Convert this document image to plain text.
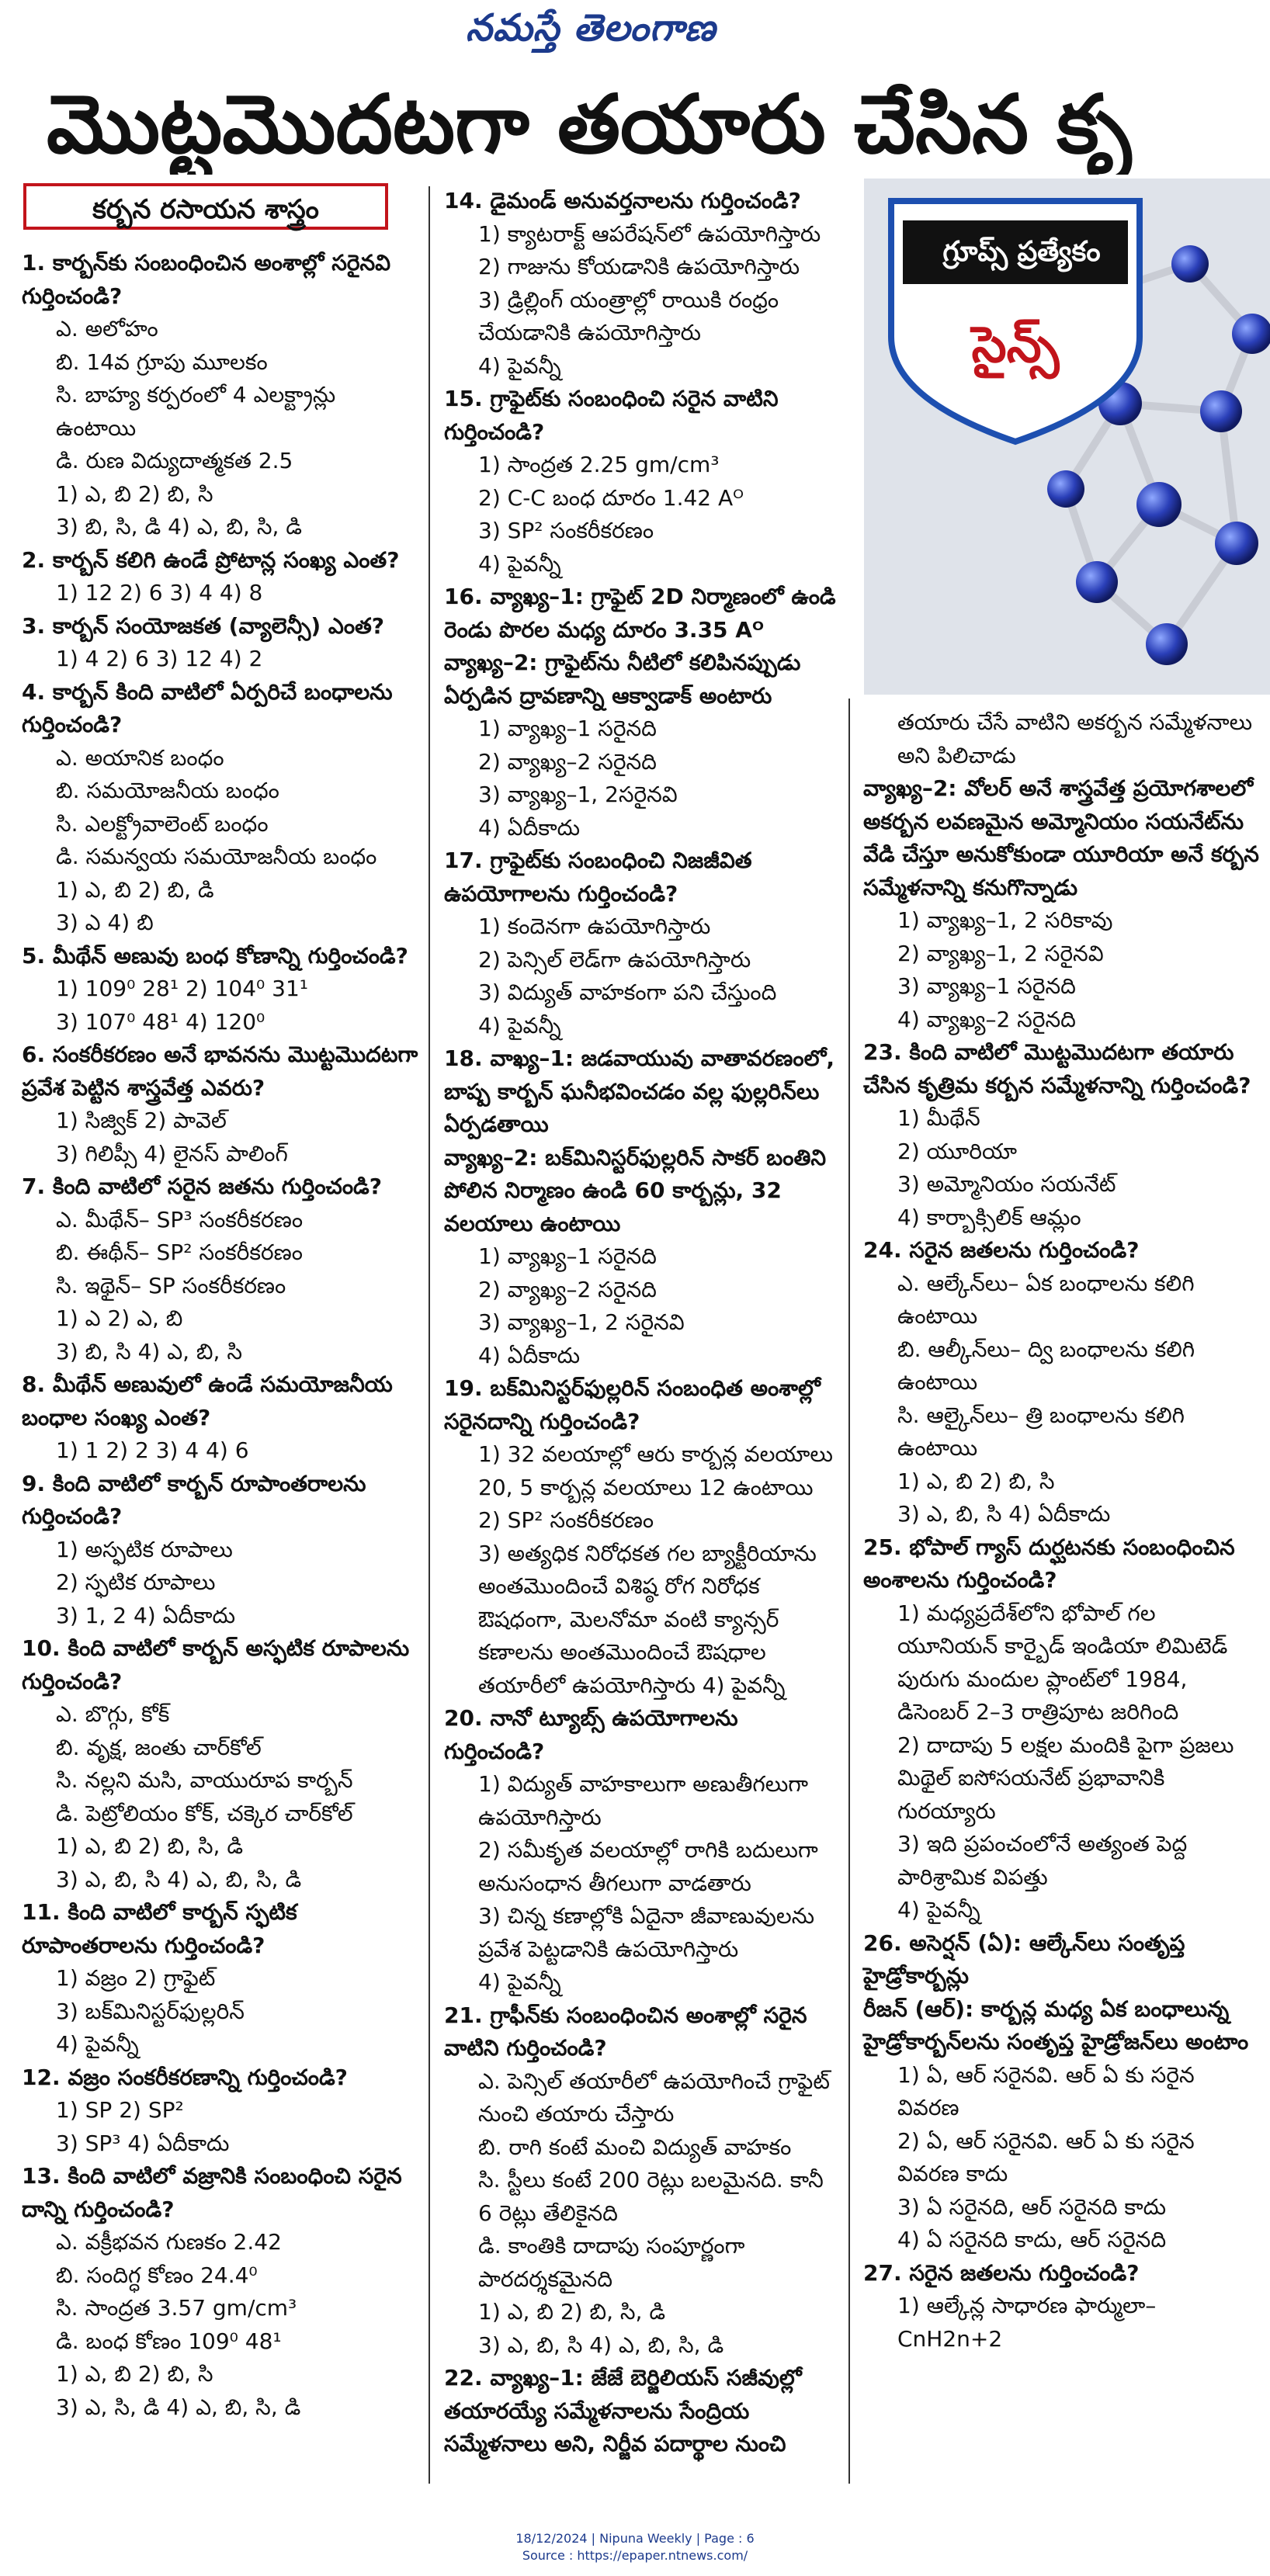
నమస్తే తెలంగాణ
మొట్టమొదటగా తయారు చేసిన కృ
కర్బన రసాయన శాస్త్రం

1. కార్బన్‌కు సంబంధించిన అంశాల్లో సరైనవి గుర్తించండి?

ఎ. అలోహం

బి. 14వ గ్రూపు మూలకం

సి. బాహ్య కర్పరంలో 4 ఎలక్ట్రాన్లు ఉంటాయి

డి. రుణ విద్యుదాత్మకత 2.5

1) ఎ, బి 2) బి, సి

3) బి, సి, డి 4) ఎ, బి, సి, డి

2. కార్బన్ కలిగి ఉండే ప్రోటాన్ల సంఖ్య ఎంత?

1) 12 2) 6 3) 4 4) 8

3. కార్బన్ సంయోజకత (వ్యాలెన్సీ) ఎంత?

1) 4 2) 6 3) 12 4) 2

4. కార్బన్ కింది వాటిలో ఏర్పరిచే బంధాలను గుర్తించండి?

ఎ. అయానిక బంధం

బి. సమయోజనీయ బంధం

సి. ఎలక్ట్రోవాలెంట్ బంధం

డి. సమన్వయ సమయోజనీయ బంధం

1) ఎ, బి 2) బి, డి

3) ఎ 4) బి

5. మీథేన్ అణువు బంధ కోణాన్ని గుర్తించండి?

1) 109⁰ 28¹ 2) 104⁰ 31¹

3) 107⁰ 48¹ 4) 120⁰

6. సంకరీకరణం అనే భావనను మొట్టమొదటగా ప్రవేశ పెట్టిన శాస్త్రవేత్త ఎవరు?

1) సిజ్విక్ 2) పావెల్

3) గిలిప్సీ 4) లైనస్ పాలింగ్

7. కింది వాటిలో సరైన జతను గుర్తించండి?

ఎ. మీథేన్– SP³ సంకరీకరణం

బి. ఈథీన్– SP² సంకరీకరణం

సి. ఇథైన్– SP సంకరీకరణం

1) ఎ 2) ఎ, బి

3) బి, సి 4) ఎ, బి, సి

8. మీథేన్ అణువులో ఉండే సమయోజనీయ బంధాల సంఖ్య ఎంత?

1) 1 2) 2 3) 4 4) 6

9. కింది వాటిలో కార్బన్ రూపాంతరాలను గుర్తించండి?

1) అస్ఫటిక రూపాలు

2) స్ఫటిక రూపాలు

3) 1, 2 4) ఏదీకాదు

10. కింది వాటిలో కార్బన్ అస్ఫటిక రూపాలను గుర్తించండి?

ఎ. బొగ్గు, కోక్

బి. వృక్ష, జంతు చార్‌కోల్

సి. నల్లని మసి, వాయురూప కార్బన్

డి. పెట్రోలియం కోక్, చక్కెర చార్‌కోల్

1) ఎ, బి 2) బి, సి, డి

3) ఎ, బి, సి 4) ఎ, బి, సి, డి

11. కింది వాటిలో కార్బన్ స్ఫటిక రూపాంతరాలను గుర్తించండి?

1) వజ్రం 2) గ్రాఫైట్

3) బక్‌మినిస్టర్‌ఫుల్లరిన్

4) పైవన్నీ

12. వజ్రం సంకరీకరణాన్ని గుర్తించండి?

1) SP 2) SP²

3) SP³ 4) ఏదీకాదు

13. కింది వాటిలో వజ్రానికి సంబంధించి సరైన దాన్ని గుర్తించండి?

ఎ. వక్రీభవన గుణకం 2.42

బి. సందిగ్ధ కోణం 24.4⁰

సి. సాంద్రత 3.57 gm/cm³

డి. బంధ కోణం 109⁰ 48¹

1) ఎ, బి 2) బి, సి

3) ఎ, సి, డి 4) ఎ, బి, సి, డి

14. డైమండ్ అనువర్తనాలను గుర్తించండి?

1) క్యాటరాక్ట్ ఆపరేషన్‌లో ఉపయోగిస్తారు

2) గాజును కోయడానికి ఉపయోగిస్తారు

3) డ్రిల్లింగ్ యంత్రాల్లో రాయికి రంధ్రం చేయడానికి ఉపయోగిస్తారు

4) పైవన్నీ

15. గ్రాఫైట్‌కు సంబంధించి సరైన వాటిని గుర్తించండి?

1) సాంద్రత 2.25 gm/cm³

2) C-C బంధ దూరం 1.42 Aᴼ

3) SP² సంకరీకరణం

4) పైవన్నీ

16. వ్యాఖ్య–1: గ్రాఫైట్ 2D నిర్మాణంలో ఉండి రెండు పొరల మధ్య దూరం 3.35 Aᴼ

వ్యాఖ్య–2: గ్రాఫైట్‌ను నీటిలో కలిపినప్పుడు ఏర్పడిన ద్రావణాన్ని ఆక్వాడాక్ అంటారు

1) వ్యాఖ్య–1 సరైనది

2) వ్యాఖ్య–2 సరైనది

3) వ్యాఖ్య–1, 2సరైనవి

4) ఏదీకాదు

17. గ్రాఫైట్‌కు సంబంధించి నిజజీవిత ఉపయోగాలను గుర్తించండి?

1) కందెనగా ఉపయోగిస్తారు

2) పెన్సిల్ లెడ్‌గా ఉపయోగిస్తారు

3) విద్యుత్ వాహకంగా పని చేస్తుంది

4) పైవన్నీ

18. వాఖ్య–1: జడవాయువు వాతావరణంలో, బాష్ప కార్బన్ ఘనీభవించడం వల్ల ఫుల్లరిన్‌లు ఏర్పడతాయి

వ్యాఖ్య–2: బక్‌మినిస్టర్‌ఫుల్లరిన్ సాకర్ బంతిని పోలిన నిర్మాణం ఉండి 60 కార్బన్లు, 32 వలయాలు ఉంటాయి

1) వ్యాఖ్య–1 సరైనది

2) వ్యాఖ్య–2 సరైనది

3) వ్యాఖ్య–1, 2 సరైనవి

4) ఏదీకాదు

19. బక్‌మినిస్టర్‌ఫుల్లరిన్ సంబంధిత అంశాల్లో సరైనదాన్ని గుర్తించండి?

1) 32 వలయాల్లో ఆరు కార్బన్ల వలయాలు 20, 5 కార్బన్ల వలయాలు 12 ఉంటాయి

2) SP² సంకరీకరణం

3) అత్యధిక నిరోధకత గల బ్యాక్టీరియాను అంతమొందించే విశిష్ఠ రోగ నిరోధక ఔషధంగా, మెలనోమా వంటి క్యాన్సర్ కణాలను అంతమొందించే ఔషధాల తయారీలో ఉపయోగిస్తారు 4) పైవన్నీ

20. నానో ట్యూబ్స్ ఉపయోగాలను గుర్తించండి?

1) విద్యుత్ వాహకాలుగా అణుతీగలుగా ఉపయోగిస్తారు

2) సమీకృత వలయాల్లో రాగికి బదులుగా అనుసంధాన తీగలుగా వాడతారు

3) చిన్న కణాల్లోకి ఏదైనా జీవాణువులను ప్రవేశ పెట్టడానికి ఉపయోగిస్తారు

4) పైవన్నీ

21. గ్రాఫీన్‌కు సంబంధించిన అంశాల్లో సరైన వాటిని గుర్తించండి?

ఎ. పెన్సిల్ తయారీలో ఉపయోగించే గ్రాఫైట్ నుంచి తయారు చేస్తారు

బి. రాగి కంటే మంచి విద్యుత్ వాహకం

సి. స్టీలు కంటే 200 రెట్లు బలమైనది. కానీ 6 రెట్లు తేలికైనది

డి. కాంతికి దాదాపు సంపూర్ణంగా పారదర్శకమైనది

1) ఎ, బి 2) బి, సి, డి

3) ఎ, బి, సి 4) ఎ, బి, సి, డి

22. వ్యాఖ్య–1: జేజే బెర్జిలియస్ సజీవుల్లో తయారయ్యే సమ్మేళనాలను సేంద్రియ సమ్మేళనాలు అని, నిర్జీవ పదార్థాల నుంచి

గ్రూప్స్ ప్రత్యేకం
సైన్స్

తయారు చేసే వాటిని అకర్బన సమ్మేళనాలు అని పిలిచాడు

వ్యాఖ్య–2: వోలర్ అనే శాస్త్రవేత్త ప్రయోగశాలలో అకర్బన లవణమైన అమ్మోనియం సయనేట్‌ను వేడి చేస్తూ అనుకోకుండా యూరియా అనే కర్బన సమ్మేళనాన్ని కనుగొన్నాడు

1) వ్యాఖ్య–1, 2 సరికావు

2) వ్యాఖ్య–1, 2 సరైనవి

3) వ్యాఖ్య–1 సరైనది

4) వ్యాఖ్య–2 సరైనది

23. కింది వాటిలో మొట్టమొదటగా తయారు చేసిన కృత్రిమ కర్బన సమ్మేళనాన్ని గుర్తించండి?

1) మీథేన్

2) యూరియా

3) అమ్మోనియం సయనేట్

4) కార్బాక్సిలిక్ ఆమ్లం

24. సరైన జతలను గుర్తించండి?

ఎ. ఆల్కేన్‌లు– ఏక బంధాలను కలిగి ఉంటాయి

బి. ఆల్కీన్‌లు– ద్వి బంధాలను కలిగి ఉంటాయి

సి. ఆల్కైన్‌లు– త్రి బంధాలను కలిగి ఉంటాయి

1) ఎ, బి 2) బి, సి

3) ఎ, బి, సి 4) ఏదీకాదు

25. భోపాల్ గ్యాస్ దుర్ఘటనకు సంబంధించిన అంశాలను గుర్తించండి?

1) మధ్యప్రదేశ్‌లోని భోపాల్ గల యూనియన్ కార్బైడ్ ఇండియా లిమిటెడ్ పురుగు మందుల ప్లాంట్‌లో 1984, డిసెంబర్ 2–3 రాత్రిపూట జరిగింది

2) దాదాపు 5 లక్షల మందికి పైగా ప్రజలు మిథైల్ ఐసోసయనేట్ ప్రభావానికి గురయ్యారు

3) ఇది ప్రపంచంలోనే అత్యంత పెద్ద పారిశ్రామిక విపత్తు

4) పైవన్నీ

26. అసెర్షన్ (ఏ): ఆల్కేన్‌లు సంతృప్త హైడ్రోకార్బన్లు

రీజన్ (ఆర్): కార్బన్ల మధ్య ఏక బంధాలున్న హైడ్రోకార్బన్‌లను సంతృప్త హైడ్రోజన్‌లు అంటాం

1) ఏ, ఆర్ సరైనవి. ఆర్ ఏ కు సరైన వివరణ

2) ఏ, ఆర్ సరైనవి. ఆర్ ఏ కు సరైన వివరణ కాదు

3) ఏ సరైనది, ఆర్ సరైనది కాదు

4) ఏ సరైనది కాదు, ఆర్ సరైనది

27. సరైన జతలను గుర్తించండి?

1) ఆల్కేన్ల సాధారణ ఫార్ములా– CnH2n+2

18/12/2024 | Nipuna Weekly | Page : 6
Source : https://epaper.ntnews.com/
